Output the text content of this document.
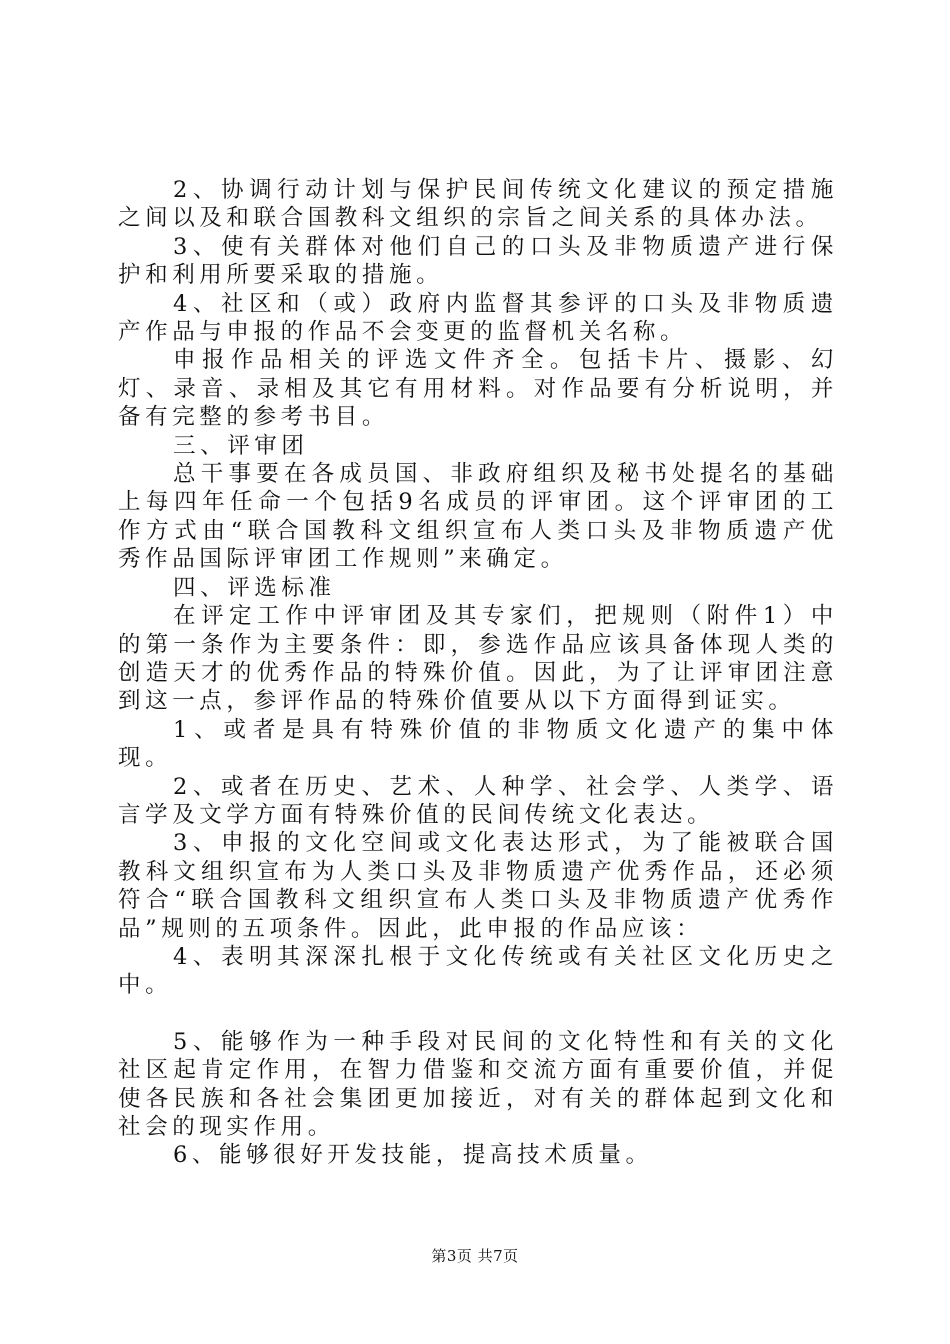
2、协调行动计划与保护民间传统文化建议的预定措施之间以及和联合国教科文组织的宗旨之间关系的具体办法。

3、使有关群体对他们自己的口头及非物质遗产进行保护和利用所要采取的措施。

4、社区和（或）政府内监督其参评的口头及非物质遗产作品与申报的作品不会变更的监督机关名称。

申报作品相关的评选文件齐全。包括卡片、摄影、幻灯、录音、录相及其它有用材料。对作品要有分析说明，并备有完整的参考书目。

三、评审团

总干事要在各成员国、非政府组织及秘书处提名的基础上每四年任命一个包括9名成员的评审团。这个评审团的工作方式由“联合国教科文组织宣布人类口头及非物质遗产优秀作品国际评审团工作规则”来确定。

四、评选标准

在评定工作中评审团及其专家们，把规则（附件1）中的第一条作为主要条件：即，参选作品应该具备体现人类的创造天才的优秀作品的特殊价值。因此，为了让评审团注意到这一点，参评作品的特殊价值要从以下方面得到证实。

1、或者是具有特殊价值的非物质文化遗产的集中体现。

2、或者在历史、艺术、人种学、社会学、人类学、语言学及文学方面有特殊价值的民间传统文化表达。

3、申报的文化空间或文化表达形式，为了能被联合国教科文组织宣布为人类口头及非物质遗产优秀作品，还必须符合“联合国教科文组织宣布人类口头及非物质遗产优秀作品”规则的五项条件。因此，此申报的作品应该：

4、表明其深深扎根于文化传统或有关社区文化历史之中。

5、能够作为一种手段对民间的文化特性和有关的文化社区起肯定作用，在智力借鉴和交流方面有重要价值，并促使各民族和各社会集团更加接近，对有关的群体起到文化和社会的现实作用。

6、能够很好开发技能，提高技术质量。

第3页 共7页
